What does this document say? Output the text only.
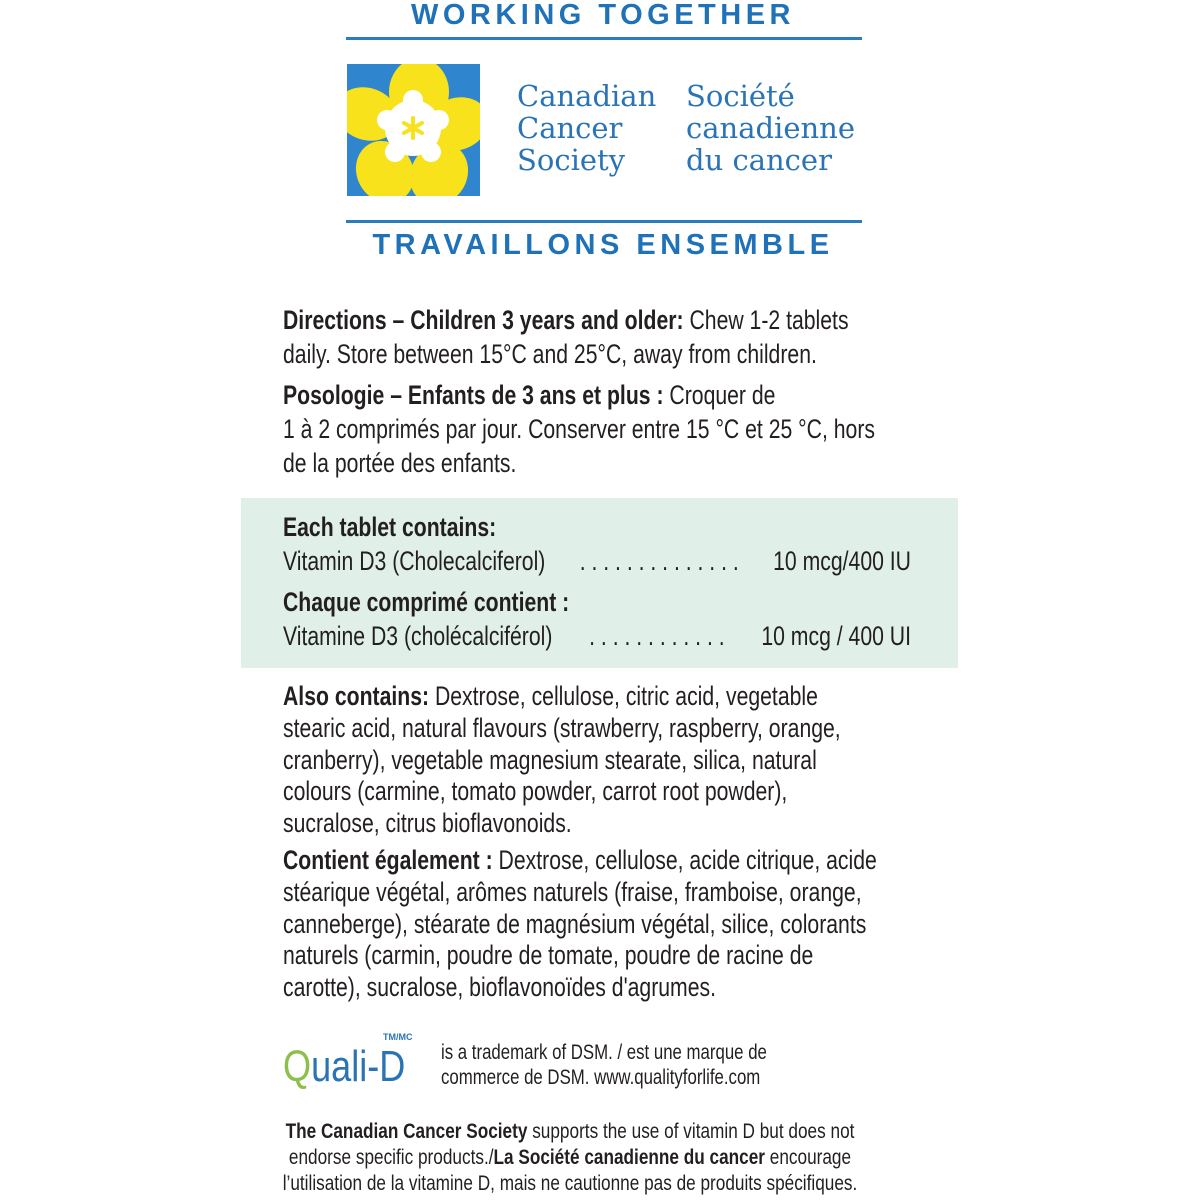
WORKING TOGETHER
Canadian
Cancer
Society
Société
canadienne
du cancer
TRAVAILLONS ENSEMBLE
Directions – Children 3 years and older: Chew 1-2 tablets
daily. Store between 15°C and 25°C, away from children.
Posologie – Enfants de 3 ans et plus : Croquer de
1 à 2 comprimés par jour. Conserver entre 15 °C et 25 °C, hors
de la portée des enfants.
Each tablet contains:
Vitamin D3 (Cholecalciferol) . . . . . . . . . . . . . . 10 mcg/400 IU
Chaque comprimé contient :
Vitamine D3 (cholécalciférol) . . . . . . . . . . . . 10 mcg / 400 UI
Also contains: Dextrose, cellulose, citric acid, vegetable
stearic acid, natural flavours (strawberry, raspberry, orange,
cranberry), vegetable magnesium stearate, silica, natural
colours (carmine, tomato powder, carrot root powder),
sucralose, citrus bioflavonoids.
Contient également : Dextrose, cellulose, acide citrique, acide
stéarique végétal, arômes naturels (fraise, framboise, orange,
canneberge), stéarate de magnésium végétal, silice, colorants
naturels (carmin, poudre de tomate, poudre de racine de
carotte), sucralose, bioflavonoïdes d'agrumes.
Quali-D
TM/MC
is a trademark of DSM. / est une marque de
commerce de DSM. www.qualityforlife.com
The Canadian Cancer Society supports the use of vitamin D but does not
endorse specific products./La Société canadienne du cancer encourage
l’utilisation de la vitamine D, mais ne cautionne pas de produits spécifiques.
